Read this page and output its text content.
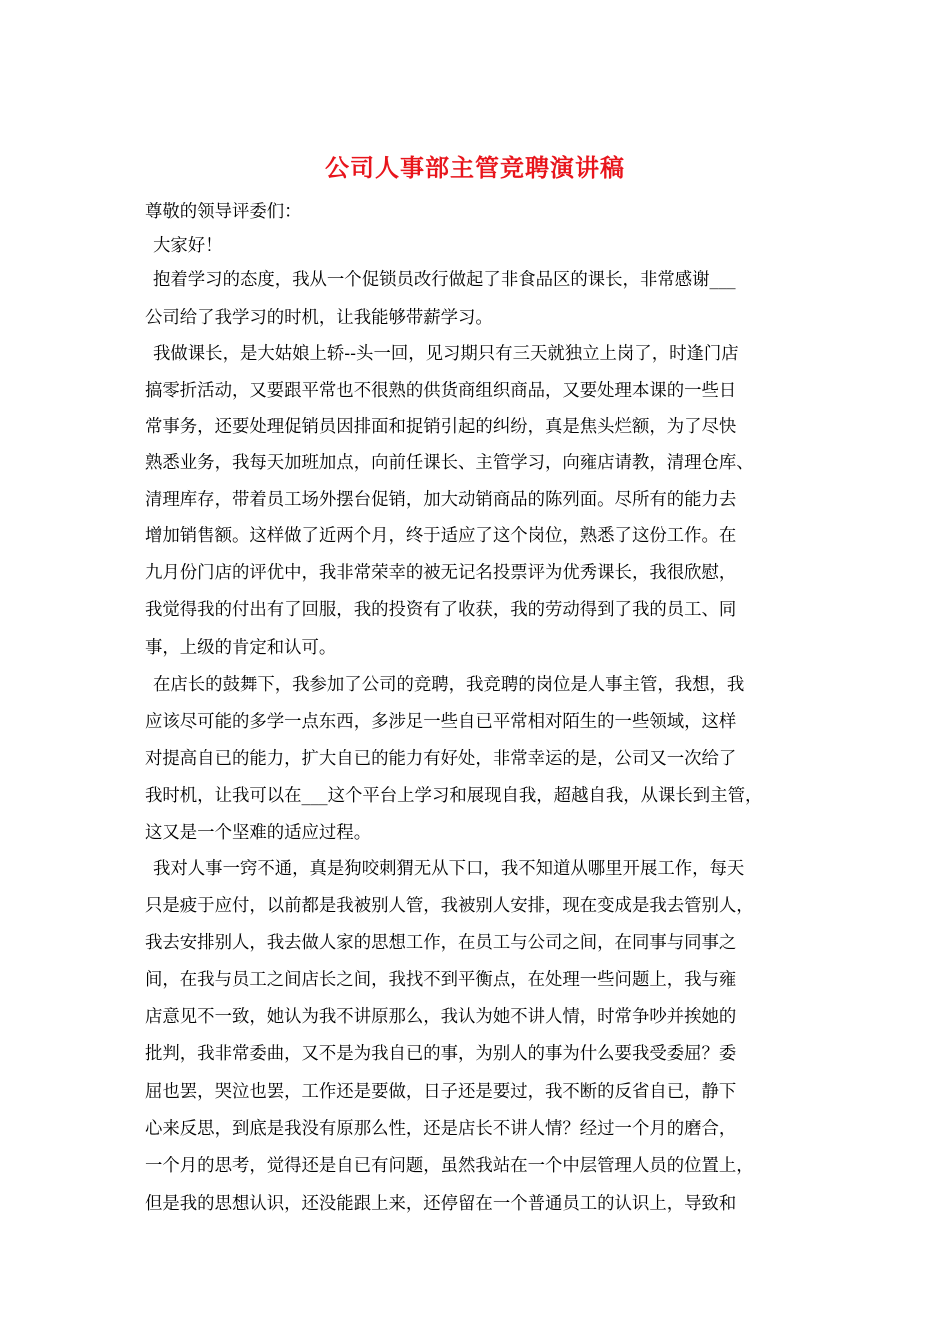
公司人事部主管竞聘演讲稿
尊敬的领导评委们：
大家好！
抱着学习的态度，我从一个促锁员改行做起了非食品区的课长，非常感谢___
公司给了我学习的时机，让我能够带薪学习。
我做课长，是大姑娘上轿--头一回，见习期只有三天就独立上岗了，时逢门店
搞零折活动，又要跟平常也不很熟的供货商组织商品，又要处理本课的一些日
常事务，还要处理促销员因排面和捉销引起的纠纷，真是焦头烂额，为了尽快
熟悉业务，我每天加班加点，向前任课长、主管学习，向雍店请教，清理仓库、
清理库存，带着员工场外摆台促销，加大动销商品的陈列面。尽所有的能力去
增加销售额。这样做了近两个月，终于适应了这个岗位，熟悉了这份工作。在
九月份门店的评优中，我非常荣幸的被无记名投票评为优秀课长，我很欣慰，
我觉得我的付出有了回服，我的投资有了收获，我的劳动得到了我的员工、同
事，上级的肯定和认可。
在店长的鼓舞下，我参加了公司的竞聘，我竞聘的岗位是人事主管，我想，我
应该尽可能的多学一点东西，多涉足一些自已平常相对陌生的一些领域，这样
对提高自已的能力，扩大自已的能力有好处，非常幸运的是，公司又一次给了
我时机，让我可以在___这个平台上学习和展现自我，超越自我，从课长到主管，
这又是一个坚难的适应过程。
我对人事一窍不通，真是狗咬刺猬无从下口，我不知道从哪里开展工作，每天
只是疲于应付，以前都是我被别人管，我被别人安排，现在变成是我去管别人，
我去安排别人，我去做人家的思想工作，在员工与公司之间，在同事与同事之
间，在我与员工之间店长之间，我找不到平衡点，在处理一些问题上，我与雍
店意见不一致，她认为我不讲原那么，我认为她不讲人情，时常争吵并挨她的
批判，我非常委曲，又不是为我自已的事，为别人的事为什么要我受委屈？委
屈也罢，哭泣也罢，工作还是要做，日子还是要过，我不断的反省自已，静下
心来反思，到底是我没有原那么性，还是店长不讲人情？经过一个月的磨合，
一个月的思考，觉得还是自已有问题，虽然我站在一个中层管理人员的位置上，
但是我的思想认识，还没能跟上来，还停留在一个普通员工的认识上，导致和
